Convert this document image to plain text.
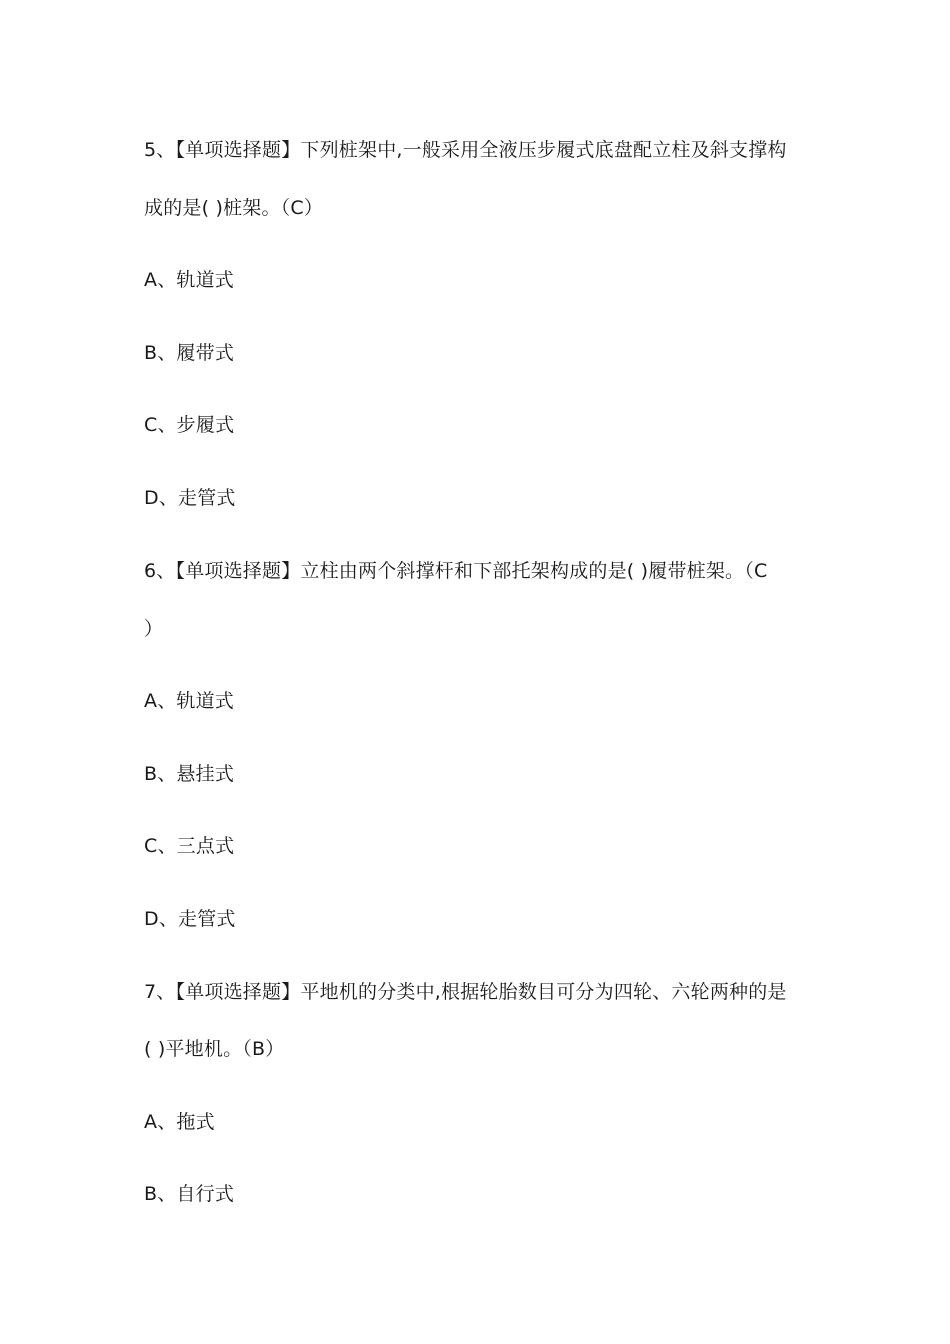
5、【单项选择题】下列桩架中,一般采用全液压步履式底盘配立柱及斜支撑构
成的是( )桩架。（C）
A、轨道式
B、履带式
C、步履式
D、走管式
6、【单项选择题】立柱由两个斜撑杆和下部托架构成的是( )履带桩架。（C
）
A、轨道式
B、悬挂式
C、三点式
D、走管式
7、【单项选择题】平地机的分类中,根据轮胎数目可分为四轮、六轮两种的是
( )平地机。（B）
A、拖式
B、自行式
